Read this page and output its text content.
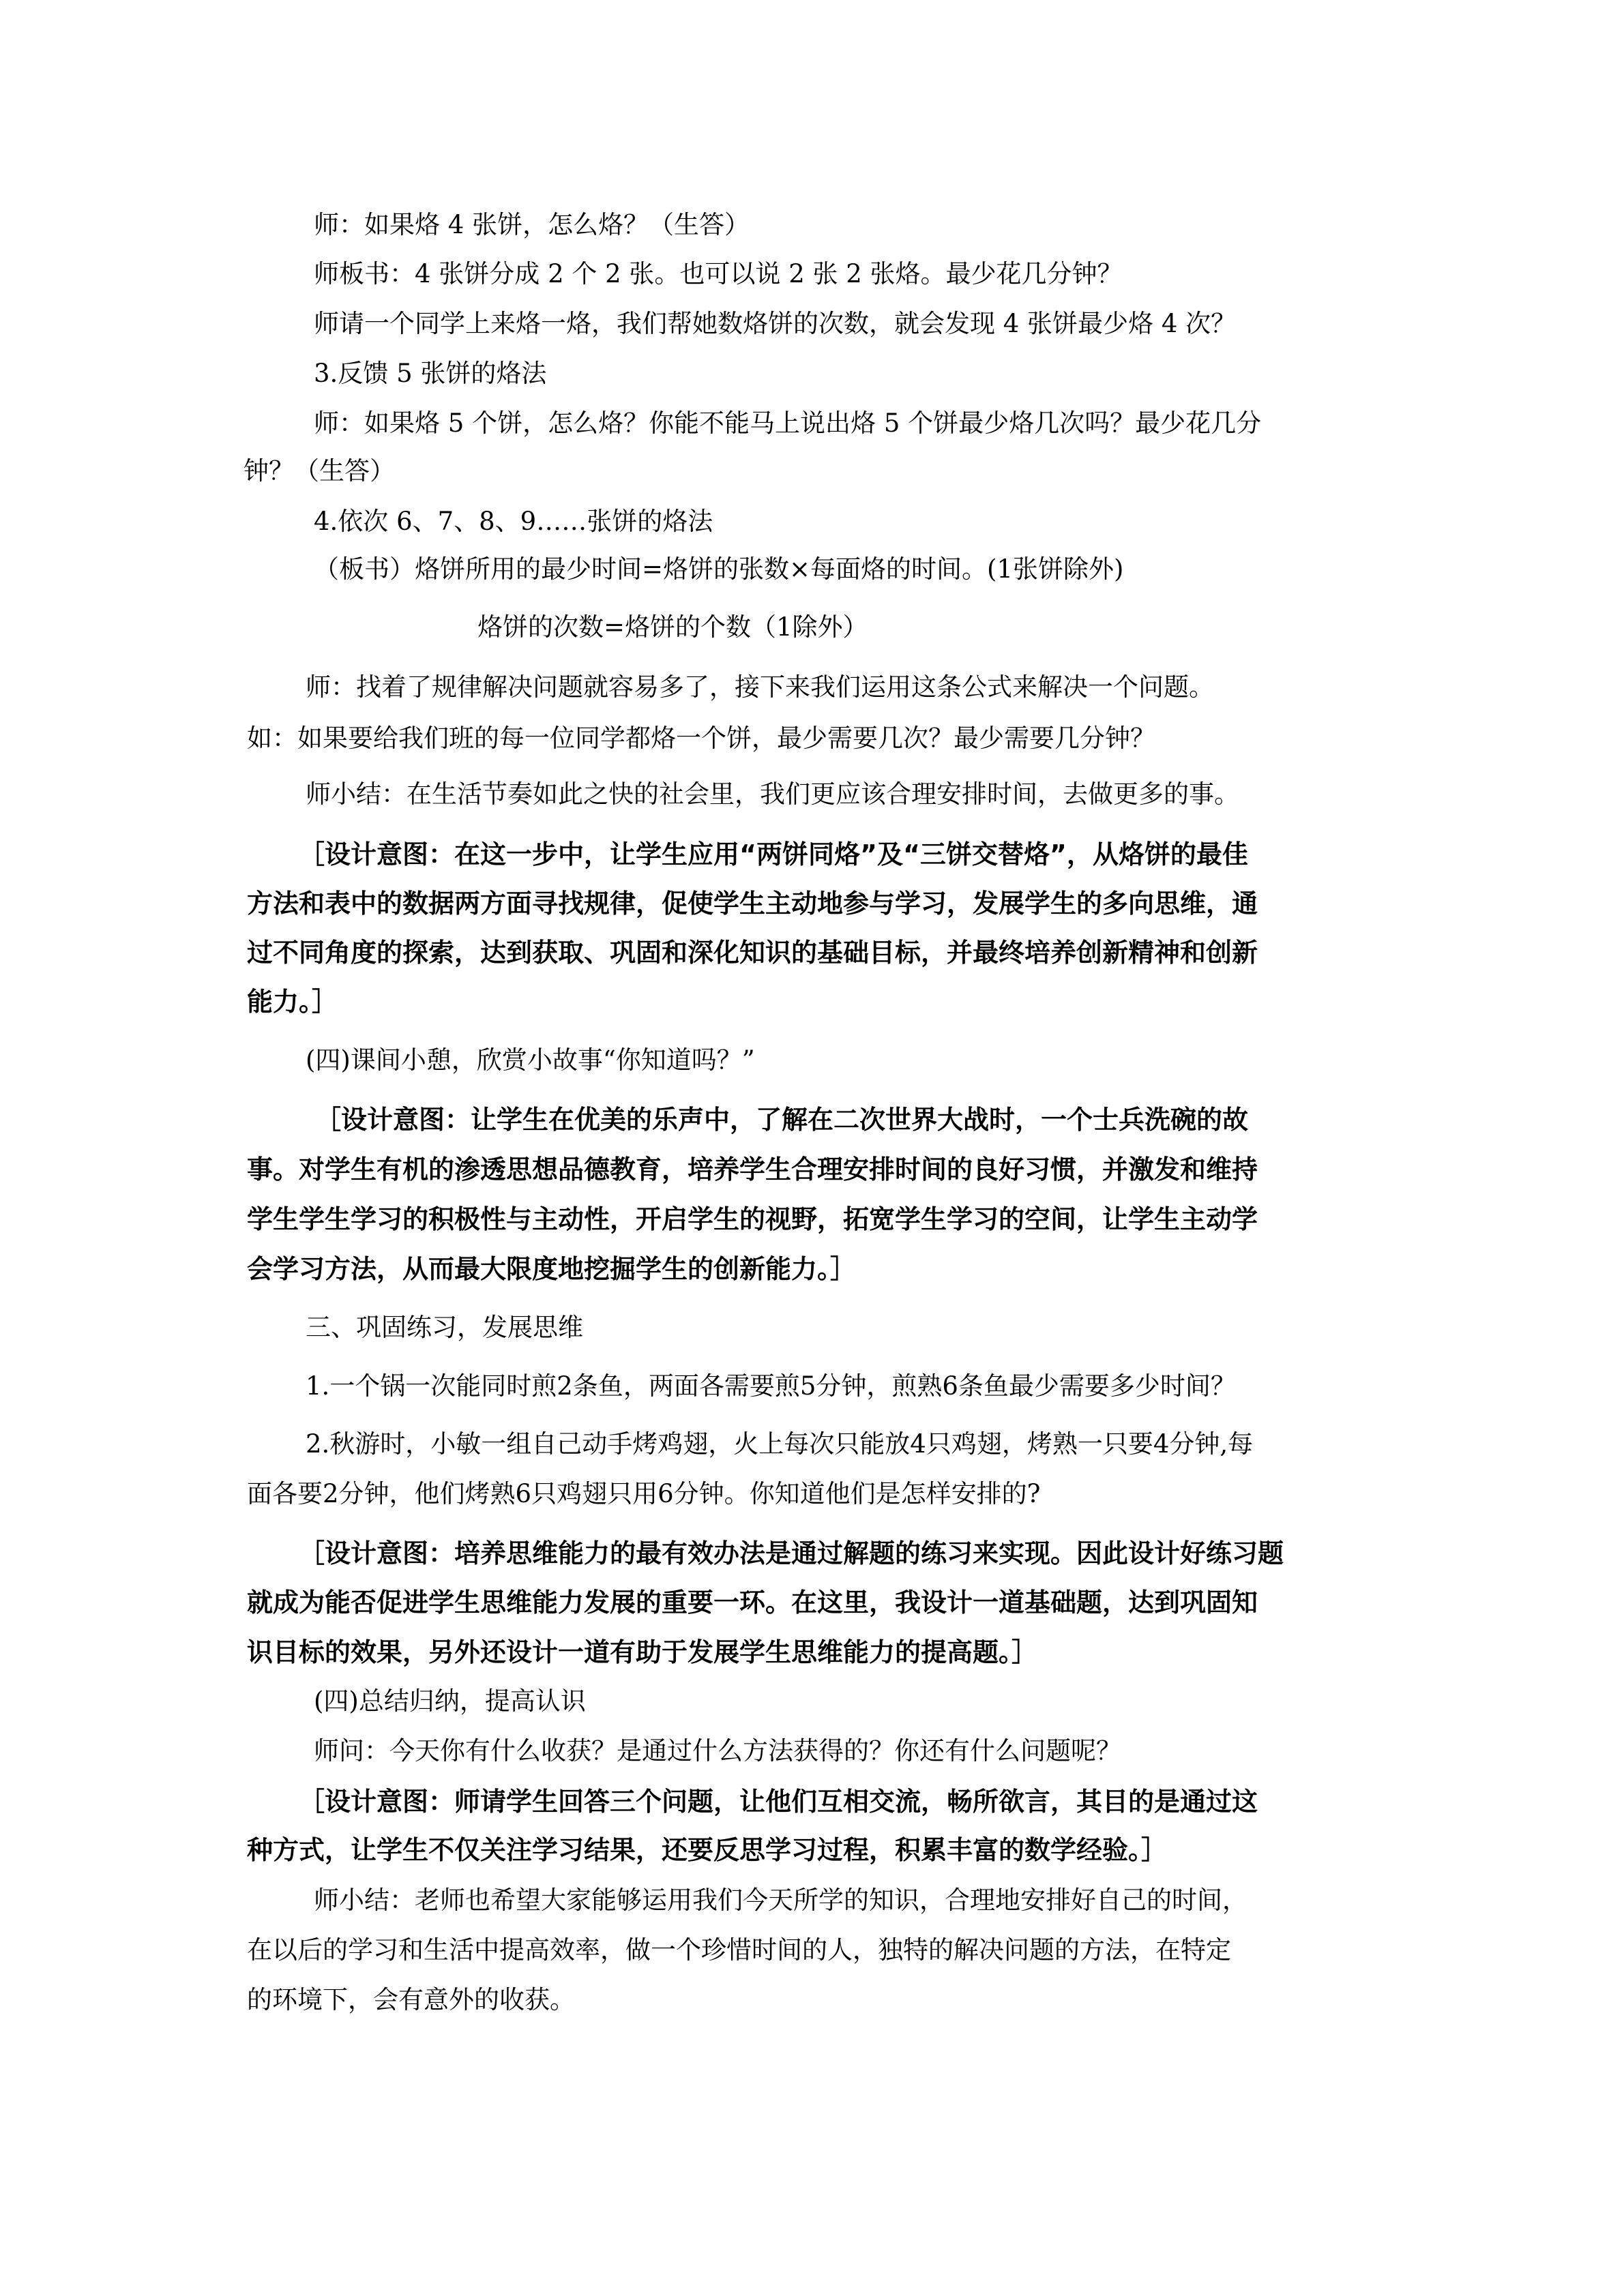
师：如果烙 4 张饼，怎么烙？（生答）
师板书：4 张饼分成 2 个 2 张。也可以说 2 张 2 张烙。最少花几分钟？
师请一个同学上来烙一烙，我们帮她数烙饼的次数，就会发现 4 张饼最少烙 4 次？
3.反馈 5 张饼的烙法
师：如果烙 5 个饼，怎么烙？你能不能马上说出烙 5 个饼最少烙几次吗？最少花几分
钟？（生答）
4.依次 6、7、8、9……张饼的烙法
（板书）烙饼所用的最少时间=烙饼的张数×每面烙的时间。(1张饼除外)
烙饼的次数=烙饼的个数（1除外）
师：找着了规律解决问题就容易多了，接下来我们运用这条公式来解决一个问题。
如：如果要给我们班的每一位同学都烙一个饼，最少需要几次？最少需要几分钟？
师小结：在生活节奏如此之快的社会里，我们更应该合理安排时间，去做更多的事。
［设计意图：在这一步中，让学生应用“两饼同烙”及“三饼交替烙”，从烙饼的最佳
方法和表中的数据两方面寻找规律，促使学生主动地参与学习，发展学生的多向思维，通
过不同角度的探索，达到获取、巩固和深化知识的基础目标，并最终培养创新精神和创新
能力。］
(四)课间小憩，欣赏小故事“你知道吗？”
［设计意图：让学生在优美的乐声中，了解在二次世界大战时，一个士兵洗碗的故
事。对学生有机的渗透思想品德教育，培养学生合理安排时间的良好习惯，并激发和维持
学生学生学习的积极性与主动性，开启学生的视野，拓宽学生学习的空间，让学生主动学
会学习方法，从而最大限度地挖掘学生的创新能力。］
三、巩固练习，发展思维
1.一个锅一次能同时煎2条鱼，两面各需要煎5分钟，煎熟6条鱼最少需要多少时间？
2.秋游时，小敏一组自己动手烤鸡翅，火上每次只能放4只鸡翅，烤熟一只要4分钟,每
面各要2分钟，他们烤熟6只鸡翅只用6分钟。你知道他们是怎样安排的?
［设计意图：培养思维能力的最有效办法是通过解题的练习来实现。因此设计好练习题
就成为能否促进学生思维能力发展的重要一环。在这里，我设计一道基础题，达到巩固知
识目标的效果，另外还设计一道有助于发展学生思维能力的提高题。］
(四)总结归纳，提高认识
师问：今天你有什么收获？是通过什么方法获得的？你还有什么问题呢？
［设计意图：师请学生回答三个问题，让他们互相交流，畅所欲言，其目的是通过这
种方式，让学生不仅关注学习结果，还要反思学习过程，积累丰富的数学经验。］
师小结：老师也希望大家能够运用我们今天所学的知识，合理地安排好自己的时间，
在以后的学习和生活中提高效率，做一个珍惜时间的人，独特的解决问题的方法，在特定
的环境下，会有意外的收获。
